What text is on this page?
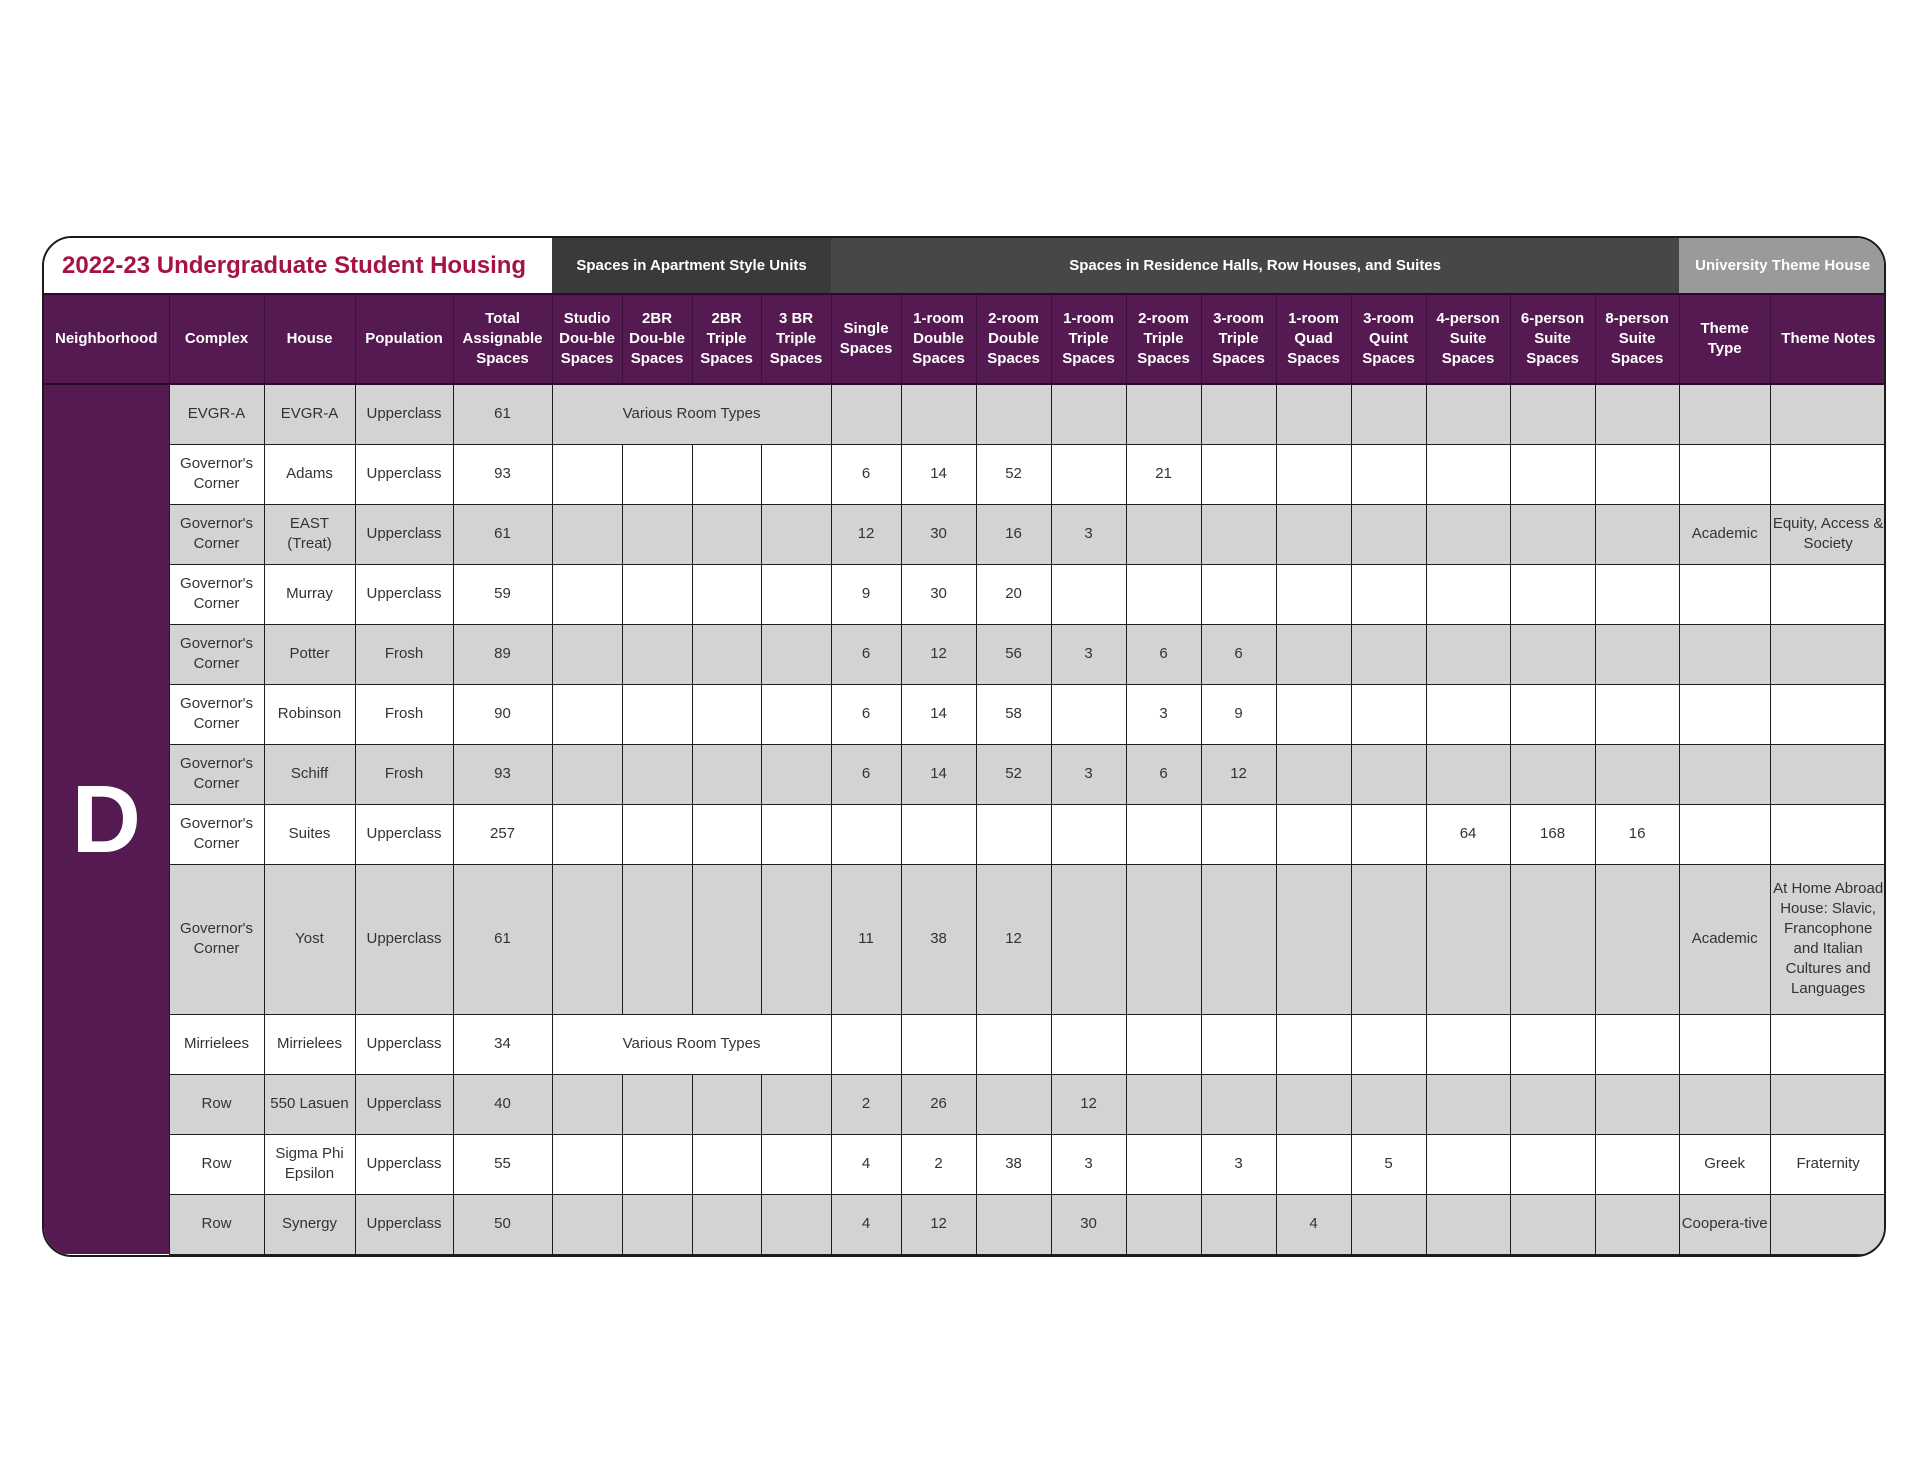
2022-23 Undergraduate Student Housing					Spaces in Apartment Style Units				Spaces in Residence Halls, Row Houses, and Suites											University Theme House		
Neighborhood	Complex	House	Population	Total Assignable Spaces	Studio Dou-ble Spaces	2BR Dou-ble Spaces	2BR Triple Spaces	3 BR Triple Spaces	Single Spaces	1-room Double Spaces	2-room Double Spaces	1-room Triple Spaces	2-room Triple Spaces	3-room Triple Spaces	1-room Quad Spaces	3-room Quint Spaces	4-person Suite Spaces	6-person Suite Spaces	8-person Suite Spaces	Theme Type	Theme Notes	

D	EVGR-A	EVGR-A	Upperclass	61	Various Room Types																	
	Governor's Corner	Adams	Upperclass	93					6	14	52		21									
	Governor's Corner	EAST (Treat)	Upperclass	61					12	30	16	3								Academic	Equity, Access & Society	
	Governor's Corner	Murray	Upperclass	59					9	30	20											
	Governor's Corner	Potter	Frosh	89					6	12	56	3	6	6								
	Governor's Corner	Robinson	Frosh	90					6	14	58		3	9								
	Governor's Corner	Schiff	Frosh	93					6	14	52	3	6	12								
	Governor's Corner	Suites	Upperclass	257													64	168	16			
	Governor's Corner	Yost	Upperclass	61					11	38	12									Academic	At Home Abroad House: Slavic, Francophone and Italian Cultures and Languages	
	Mirrielees	Mirrielees	Upperclass	34	Various Room Types																	
	Row	550 Lasuen	Upperclass	40					2	26		12										
	Row	Sigma Phi Epsilon	Upperclass	55					4	2	38	3		3		5				Greek	Fraternity	
	Row	Synergy	Upperclass	50					4	12		30			4					Coopera-tive		
